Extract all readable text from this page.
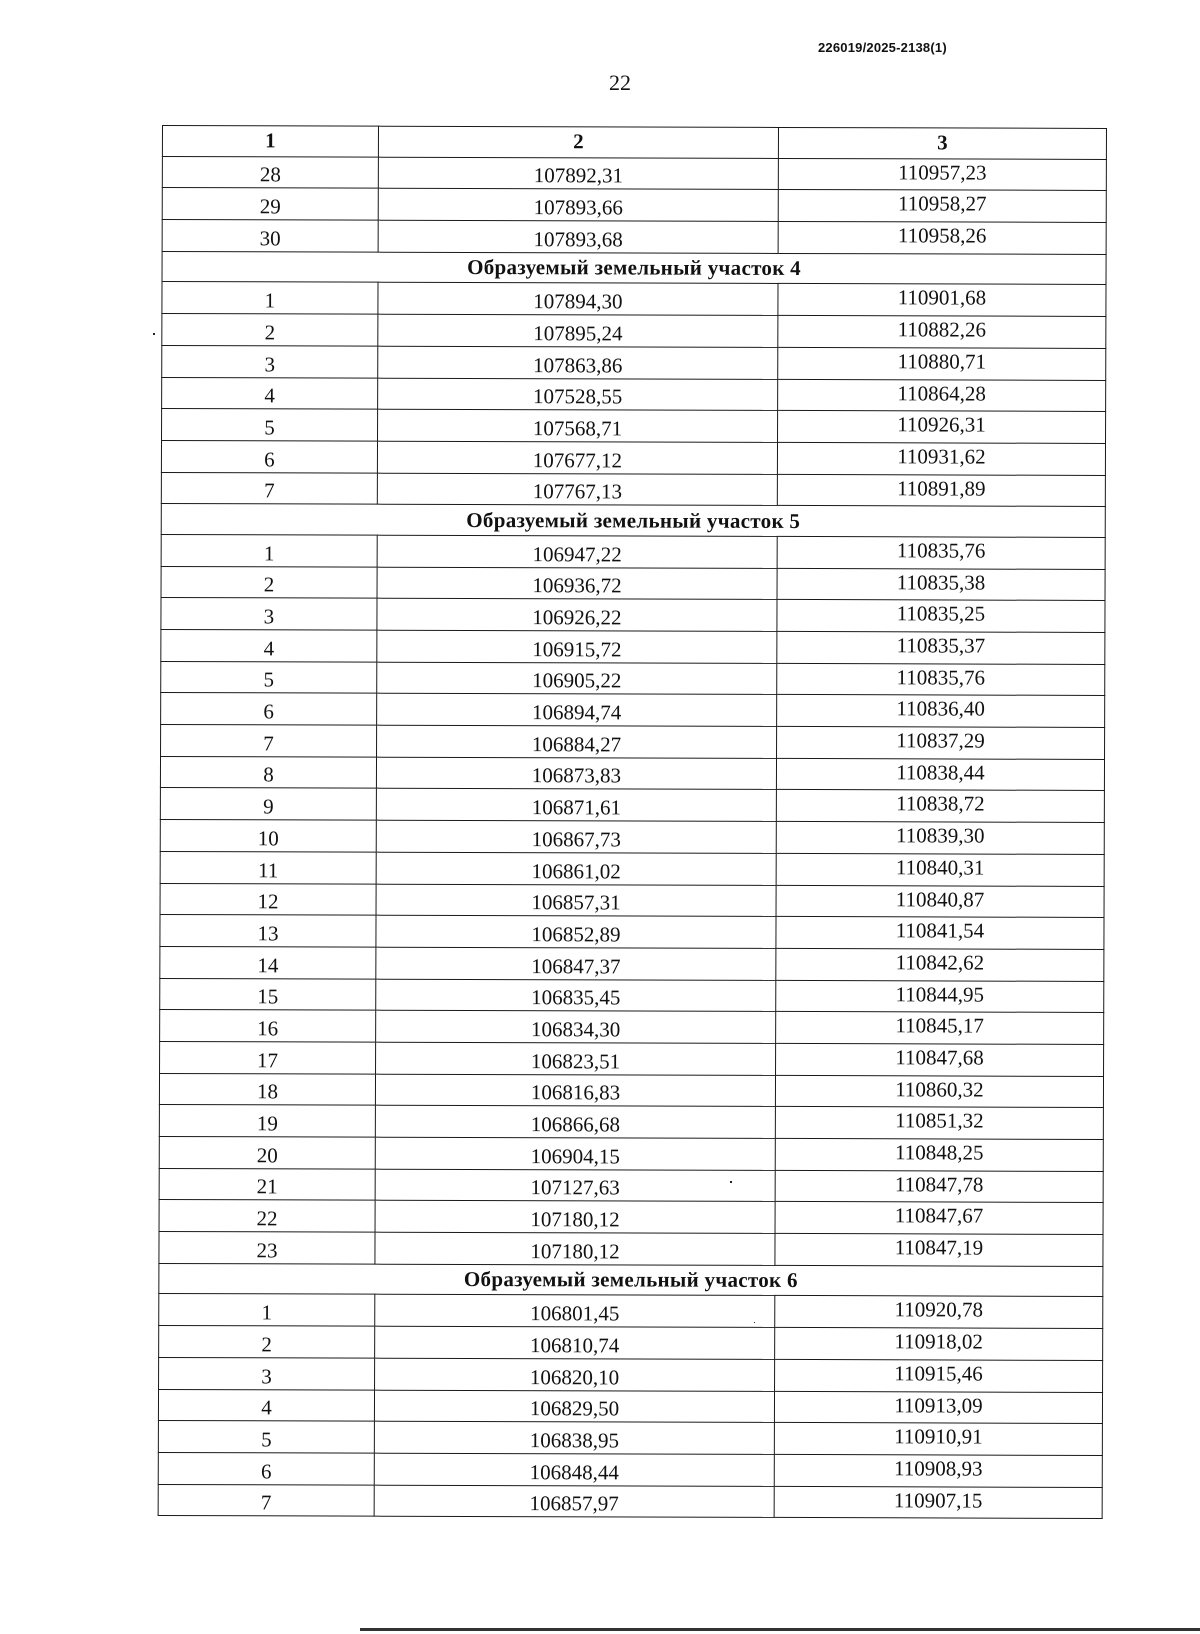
226019/2025-2138(1)
22
1	2	3
28	107892,31	110957,23
29	107893,66	110958,27
30	107893,68	110958,26
Образуемый земельный участок 4		
1	107894,30	110901,68
2	107895,24	110882,26
3	107863,86	110880,71
4	107528,55	110864,28
5	107568,71	110926,31
6	107677,12	110931,62
7	107767,13	110891,89
Образуемый земельный участок 5		
1	106947,22	110835,76
2	106936,72	110835,38
3	106926,22	110835,25
4	106915,72	110835,37
5	106905,22	110835,76
6	106894,74	110836,40
7	106884,27	110837,29
8	106873,83	110838,44
9	106871,61	110838,72
10	106867,73	110839,30
11	106861,02	110840,31
12	106857,31	110840,87
13	106852,89	110841,54
14	106847,37	110842,62
15	106835,45	110844,95
16	106834,30	110845,17
17	106823,51	110847,68
18	106816,83	110860,32
19	106866,68	110851,32
20	106904,15	110848,25
21	107127,63	110847,78
22	107180,12	110847,67
23	107180,12	110847,19
Образуемый земельный участок 6		
1	106801,45	110920,78
2	106810,74	110918,02
3	106820,10	110915,46
4	106829,50	110913,09
5	106838,95	110910,91
6	106848,44	110908,93
7	106857,97	110907,15
